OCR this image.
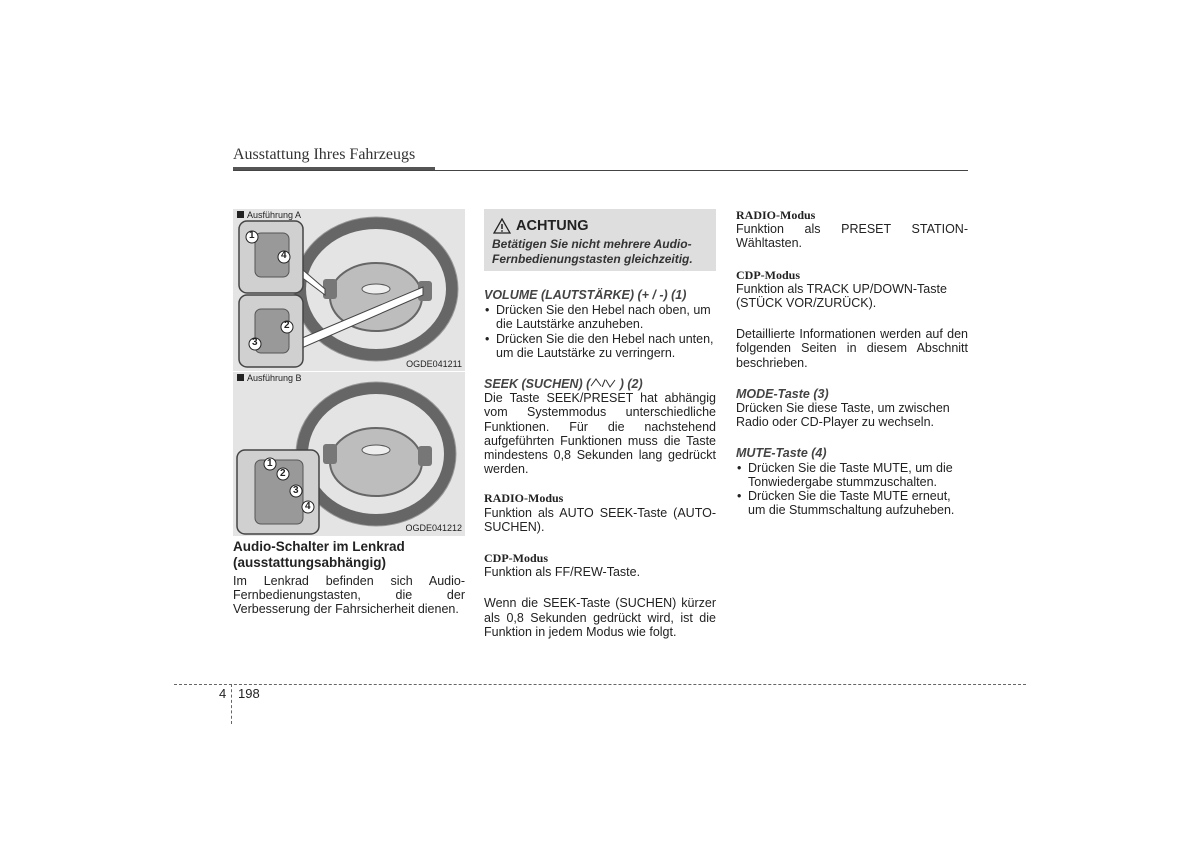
Ausstattung Ihres Fahrzeugs
Ausführung A
OGDE041211
1
4
2
3
Ausführung B
OGDE041212
1
2
3
4

Audio-Schalter im Lenkrad (ausstattungsabhängig)

Im Lenkrad befinden sich Audio-Fernbedienungstasten, die der Verbesserung der Fahrsicherheit dienen.

ACHTUNG
Betätigen Sie nicht mehrere Audio-Fernbedienungstasten gleichzeitig.

VOLUME (LAUTSTÄRKE) (+ / -) (1)

• Drücken Sie den Hebel nach oben, um die Lautstärke anzuheben.
• Drücken Sie die den Hebel nach unten, um die Lautstärke zu verringern.

SEEK (SUCHEN) ( / ) (2)

Die Taste SEEK/PRESET hat abhängig vom Systemmodus unterschiedliche Funktionen. Für die nachstehend aufgeführten Funktionen muss die Taste mindestens 0,8 Sekunden lang gedrückt werden.

RADIO-Modus

Funktion als AUTO SEEK-Taste (AUTO-SUCHEN).

CDP-Modus

Funktion als FF/REW-Taste.

Wenn die SEEK-Taste (SUCHEN) kürzer als 0,8 Sekunden gedrückt wird, ist die Funktion in jedem Modus wie folgt.

RADIO-Modus

Funktion als PRESET STATION-Wähltasten.

CDP-Modus

Funktion als TRACK UP/DOWN-Taste (STÜCK VOR/ZURÜCK).

Detaillierte Informationen werden auf den folgenden Seiten in diesem Abschnitt beschrieben.

MODE-Taste (3)

Drücken Sie diese Taste, um zwischen Radio oder CD-Player zu wechseln.

MUTE-Taste (4)

• Drücken Sie die Taste MUTE, um die Tonwiedergabe stummzuschalten.
• Drücken Sie die Taste MUTE erneut, um die Stummschaltung aufzuheben.
4 198
